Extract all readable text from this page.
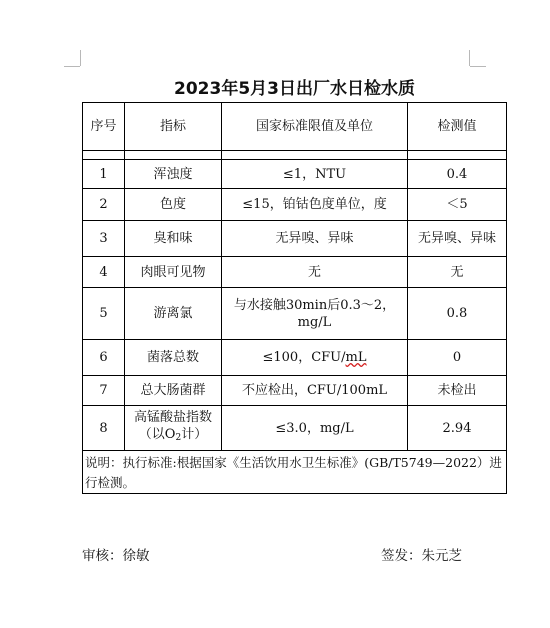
2023年5月3日出厂水日检水质
序号	指标	国家标准限值及单位	检测值

1	浑浊度	≤1，NTU	0.4
2	色度	≤15，铂钴色度单位，度	＜5
3	臭和味	无异嗅、异味	无异嗅、异味
4	肉眼可见物	无	无
5	游离氯	与水接触30min后0.3～2，
mg/L	0.8
6	菌落总数	≤100，CFU/mL	0
7	总大肠菌群	不应检出，CFU/100mL	未检出
8	高锰酸盐指数
（以$O_2$计）	≤3.0，mg/L	2.94
说明：执行标准:根据国家《生活饮用水卫生标准》(GB/T5749—2022）进行检测。			
审核：徐敏	签发：朱元芝
